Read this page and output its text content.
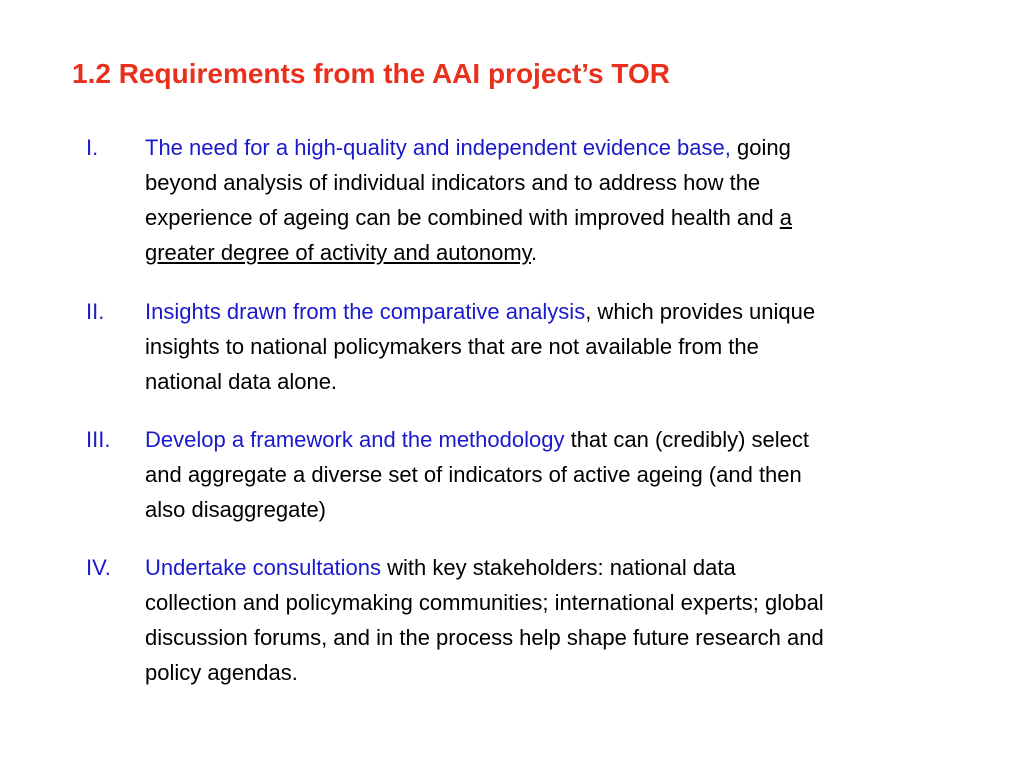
1.2 Requirements from the AAI project’s TOR
I. The need for a high-quality and independent evidence base, going
beyond analysis of individual indicators and to address how the
experience of ageing can be combined with improved health and a
greater degree of activity and autonomy.
II. Insights drawn from the comparative analysis, which provides unique
insights to national policymakers that are not available from the
national data alone.
III. Develop a framework and the methodology that can (credibly) select
and aggregate a diverse set of indicators of active ageing (and then
also disaggregate)
IV. Undertake consultations with key stakeholders: national data
collection and policymaking communities; international experts; global
discussion forums, and in the process help shape future research and
policy agendas.
